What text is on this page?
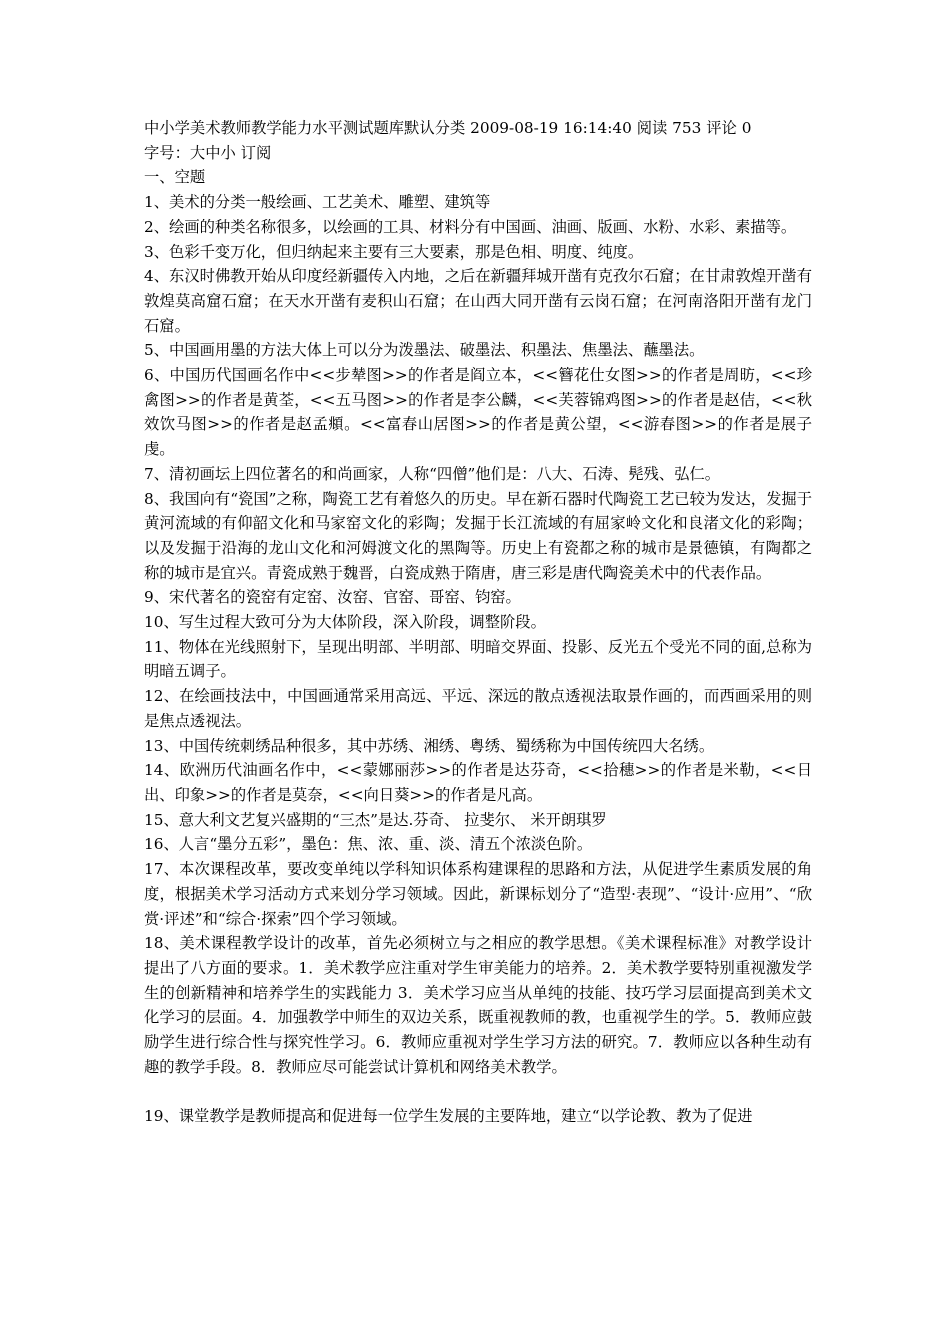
中小学美术教师教学能力水平测试题库默认分类 2009-08-19 16:14:40 阅读 753 评论 0

字号：大中小 订阅

一、空题

1、美术的分类一般绘画、工艺美术、雕塑、建筑等

2、绘画的种类名称很多，以绘画的工具、材料分有中国画、油画、版画、水粉、水彩、素描等。

3、色彩千变万化，但归纳起来主要有三大要素，那是色相、明度、纯度。

4、东汉时佛教开始从印度经新疆传入内地，之后在新疆拜城开凿有克孜尔石窟；在甘肃敦煌开凿有敦煌莫高窟石窟；在天水开凿有麦积山石窟；在山西大同开凿有云岗石窟；在河南洛阳开凿有龙门石窟。

5、中国画用墨的方法大体上可以分为泼墨法、破墨法、积墨法、焦墨法、蘸墨法。

6、中国历代国画名作中<<步辇图>>的作者是阎立本，<<簪花仕女图>>的作者是周昉，<<珍禽图>>的作者是黄荃，<<五马图>>的作者是李公麟，<<芙蓉锦鸡图>>的作者是赵佶，<<秋效饮马图>>的作者是赵孟頫。<<富春山居图>>的作者是黄公望，<<游春图>>的作者是展子虔。

7、清初画坛上四位著名的和尚画家，人称“四僧”他们是：八大、石涛、髡残、弘仁。

8、我国向有“瓷国”之称，陶瓷工艺有着悠久的历史。早在新石器时代陶瓷工艺已较为发达，发掘于黄河流域的有仰韶文化和马家窑文化的彩陶；发掘于长江流域的有屈家岭文化和良渚文化的彩陶；以及发掘于沿海的龙山文化和河姆渡文化的黑陶等。历史上有瓷都之称的城市是景德镇，有陶都之称的城市是宜兴。青瓷成熟于魏晋，白瓷成熟于隋唐，唐三彩是唐代陶瓷美术中的代表作品。

9、宋代著名的瓷窑有定窑、汝窑、官窑、哥窑、钧窑。

10、写生过程大致可分为大体阶段，深入阶段，调整阶段。

11、物体在光线照射下，呈现出明部、半明部、明暗交界面、投影、反光五个受光不同的面,总称为明暗五调子。

12、在绘画技法中，中国画通常采用高远、平远、深远的散点透视法取景作画的，而西画采用的则是焦点透视法。

13、中国传统刺绣品种很多，其中苏绣、湘绣、粤绣、蜀绣称为中国传统四大名绣。

14、欧洲历代油画名作中，<<蒙娜丽莎>>的作者是达芬奇，<<拾穗>>的作者是米勒，<<日出、印象>>的作者是莫奈，<<向日葵>>的作者是凡高。

15、意大利文艺复兴盛期的“三杰”是达.芬奇、 拉斐尔、 米开朗琪罗

16、人言“墨分五彩”，墨色：焦、浓、重、淡、清五个浓淡色阶。

17、本次课程改革，要改变单纯以学科知识体系构建课程的思路和方法，从促进学生素质发展的角度，根据美术学习活动方式来划分学习领域。因此，新课标划分了“造型·表现”、“设计·应用”、“欣赏·评述”和“综合·探索”四个学习领域。

18、美术课程教学设计的改革，首先必须树立与之相应的教学思想。《美术课程标准》对教学设计提出了八方面的要求。1．美术教学应注重对学生审美能力的培养。2．美术教学要特别重视激发学生的创新精神和培养学生的实践能力 3．美术学习应当从单纯的技能、技巧学习层面提高到美术文化学习的层面。4．加强教学中师生的双边关系，既重视教师的教，也重视学生的学。5．教师应鼓励学生进行综合性与探究性学习。6．教师应重视对学生学习方法的研究。7．教师应以各种生动有趣的教学手段。8．教师应尽可能尝试计算机和网络美术教学。

19、课堂教学是教师提高和促进每一位学生发展的主要阵地，建立“以学论教、教为了促进
